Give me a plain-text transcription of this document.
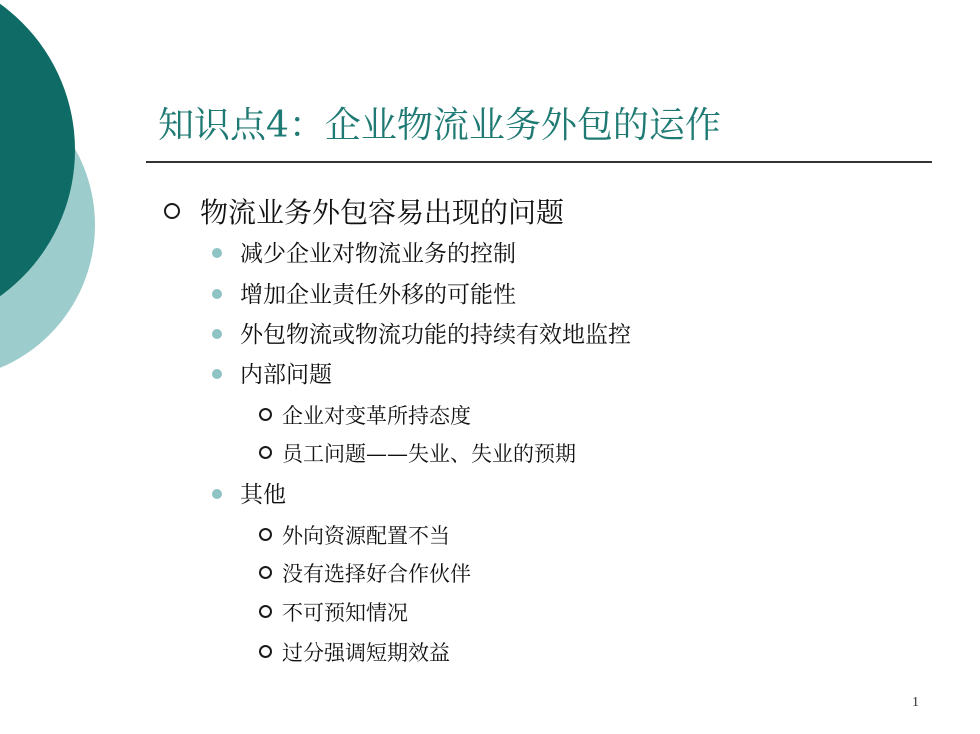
知识点4：企业物流业务外包的运作
物流业务外包容易出现的问题
减少企业对物流业务的控制
增加企业责任外移的可能性
外包物流或物流功能的持续有效地监控
内部问题
企业对变革所持态度
员工问题——失业、失业的预期
其他
外向资源配置不当
没有选择好合作伙伴
不可预知情况
过分强调短期效益
1
